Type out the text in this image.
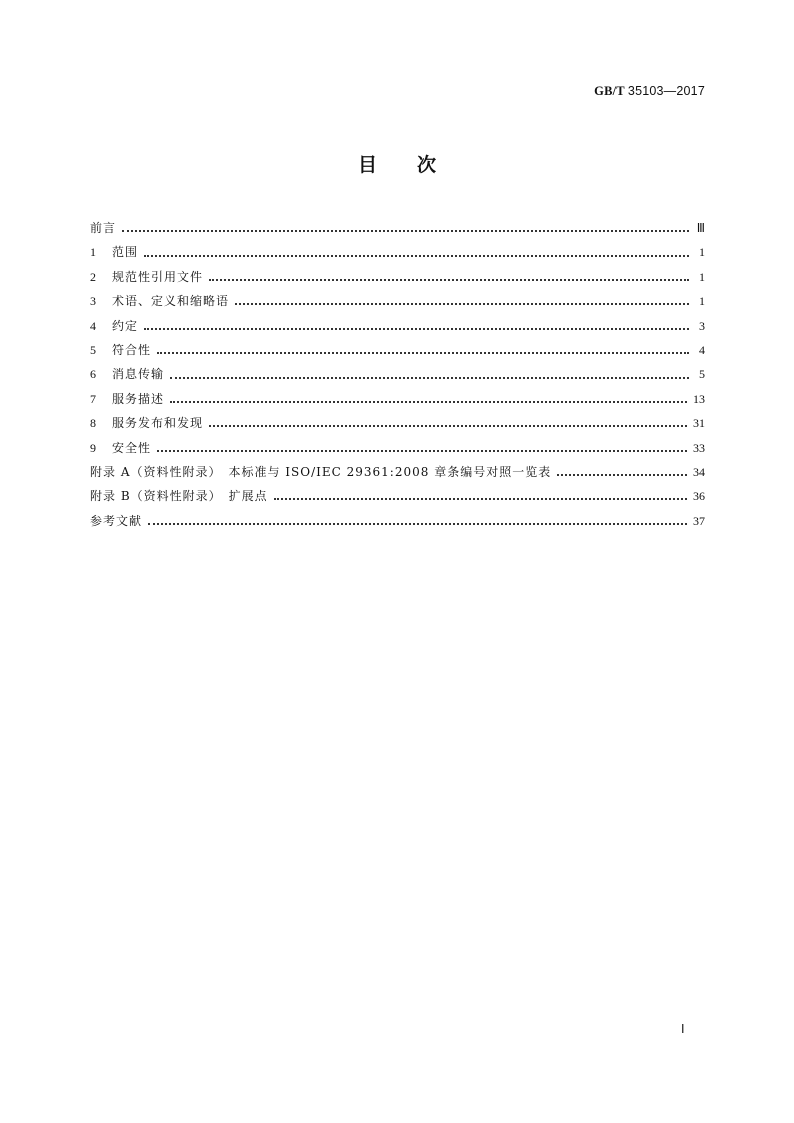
GB/T 35103—2017
目次
前言	Ⅲ
1 范围	1
2 规范性引用文件	1
3 术语、定义和缩略语	1
4 约定	3
5 符合性	4
6 消息传输	5
7 服务描述	13
8 服务发布和发现	31
9 安全性	33
附录 A（资料性附录）　本标准与 ISO/IEC 29361:2008 章条编号对照一览表	34
附录 B（资料性附录）　扩展点	36
参考文献	37
Ⅰ
